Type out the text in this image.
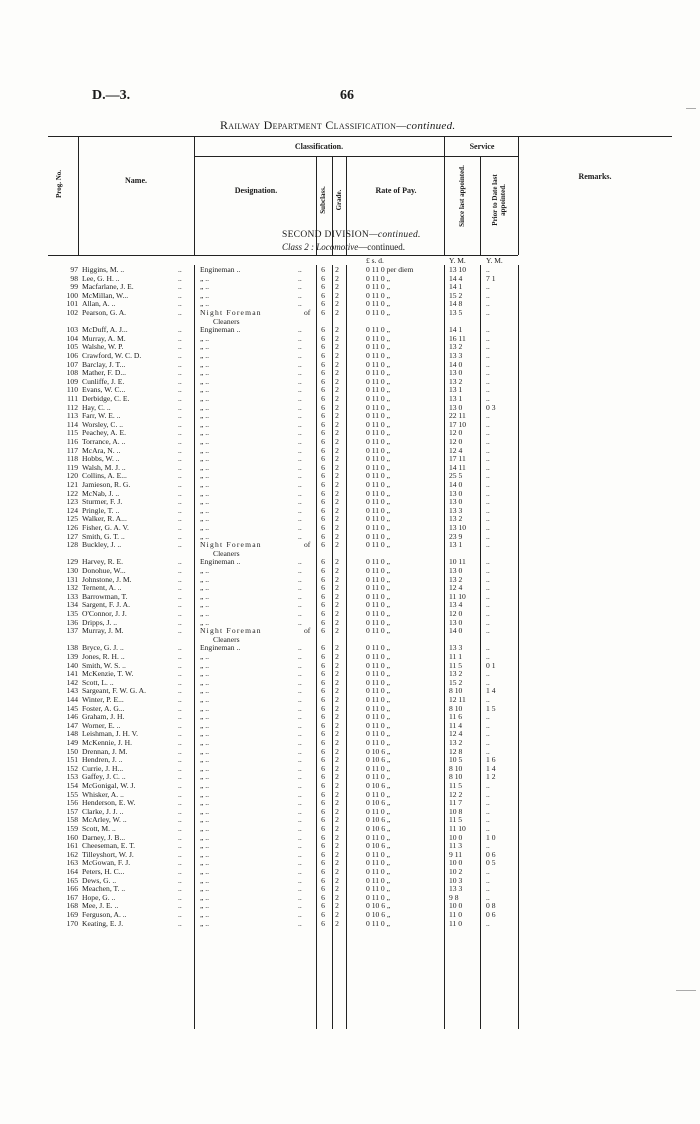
D.—3.	66
Railway Department Classification—continued.
Prog. No.	Name.
Classification.
Designation.	Subclass. Grade.	Rate of Pay.
Service
Since last appointed.	Prior to Date last appointed.
Remarks.
SECOND DIVISION—continued.
Class 2 : Locomotive—continued.
£ s. d.	Y. M.	Y. M.
97 Higgins, M. ..	.. Engineman ..	..	6	2	0 11 0 per diem	13 10	..
98 Lee, G. H. ..	.. „ ..	..	6	2	0 11 0 „	14 4	7 1
99 Macfarlane, J. E.	.. „ ..	..	6	2	0 11 0 „	14 1	..
100 McMillan, W...	.. „ ..	..	6	2	0 11 0 „	15 2	..
101 Allan, A. ..	.. „ ..	..	6	2	0 11 0 „	14 8	..
102 Pearson, G. A.	.. Night Foreman	of	6	2	0 11 0 „	13 5	..
Cleaners
103 McDuff, A. J...	.. Engineman ..	..	6	2	0 11 0 „	14 1	..
104 Murray, A. M.	.. „ ..	..	6	2	0 11 0 „	16 11	..
105 Walshe, W. P.	.. „ ..	..	6	2	0 11 0 „	13 2	..
106 Crawford, W. C. D.	.. „ ..	..	6	2	0 11 0 „	13 3	..
107 Barclay, J. T...	.. „ ..	..	6	2	0 11 0 „	14 0	..
108 Mather, F. D...	.. „ ..	..	6	2	0 11 0 „	13 0	..
109 Cunliffe, J. E.	.. „ ..	..	6	2	0 11 0 „	13 2	..
110 Evans, W. C...	.. „ ..	..	6	2	0 11 0 „	13 1	..
111 Derbidge, C. E.	.. „ ..	..	6	2	0 11 0 „	13 1	..
112 Hay, C. ..	.. „ ..	..	6	2	0 11 0 „	13 0	0 3
113 Farr, W. E. ..	.. „ ..	..	6	2	0 11 0 „	22 11	..
114 Worsley, C. ..	.. „ ..	..	6	2	0 11 0 „	17 10	..
115 Peachey, A. E.	.. „ ..	..	6	2	0 11 0 „	12 0	..
116 Torrance, A. ..	.. „ ..	..	6	2	0 11 0 „	12 0	..
117 McAra, N. ..	.. „ ..	..	6	2	0 11 0 „	12 4	..
118 Hobbs, W. ..	.. „ ..	..	6	2	0 11 0 „	17 11	..
119 Walsh, M. J. ..	.. „ ..	..	6	2	0 11 0 „	14 11	..
120 Collins, A. E...	.. „ ..	..	6	2	0 11 0 „	25 5	..
121 Jamieson, R. G.	.. „ ..	..	6	2	0 11 0 „	14 0	..
122 McNab, J. ..	.. „ ..	..	6	2	0 11 0 „	13 0	..
123 Sturmer, F. J.	.. „ ..	..	6	2	0 11 0 „	13 0	..
124 Pringle, T. ..	.. „ ..	..	6	2	0 11 0 „	13 3	..
125 Walker, R. A...	.. „ ..	..	6	2	0 11 0 „	13 2	..
126 Fisher, G. A. V.	.. „ ..	..	6	2	0 11 0 „	13 10	..
127 Smith, G. T. ..	.. „ ..	..	6	2	0 11 0 „	23 9	..
128 Buckley, J. ..	.. Night Foreman	of	6	2	0 11 0 „	13 1	..
Cleaners
129 Harvey, R. E.	.. Engineman ..	..	6	2	0 11 0 „	10 11	..
130 Donohue, W...	.. „ ..	..	6	2	0 11 0 „	13 0	..
131 Johnstone, J. M.	.. „ ..	..	6	2	0 11 0 „	13 2	..
132 Ternent, A. ..	.. „ ..	..	6	2	0 11 0 „	12 4	..
133 Barrowman, T.	.. „ ..	..	6	2	0 11 0 „	11 10	..
134 Sargent, F. J. A.	.. „ ..	..	6	2	0 11 0 „	13 4	..
135 O'Connor, J. J.	.. „ ..	..	6	2	0 11 0 „	12 0	..
136 Dripps, J. ..	.. „ ..	..	6	2	0 11 0 „	13 0	..
137 Murray, J. M.	.. Night Foreman	of	6	2	0 11 0 „	14 0	..
Cleaners
138 Bryce, G. J. ..	.. Engineman ..	..	6	2	0 11 0 „	13 3	..
139 Jones, R. H. ..	.. „ ..	..	6	2	0 11 0 „	11 1	..
140 Smith, W. S. ..	.. „ ..	..	6	2	0 11 0 „	11 5	0 1
141 McKenzie, T. W.	.. „ ..	..	6	2	0 11 0 „	13 2	..
142 Scott, L. ..	.. „ ..	..	6	2	0 11 0 „	15 2	..
143 Sargeant, F. W. G. A.	.. „ ..	..	6	2	0 11 0 „	8 10	1 4
144 Winter, P. E...	.. „ ..	..	6	2	0 11 0 „	12 11	..
145 Foster, A. G...	.. „ ..	..	6	2	0 11 0 „	8 10	1 5
146 Graham, J. H.	.. „ ..	..	6	2	0 11 0 „	11 6	..
147 Worner, E. ..	.. „ ..	..	6	2	0 11 0 „	11 4	..
148 Leishman, J. H. V.	.. „ ..	..	6	2	0 11 0 „	12 4	..
149 McKennie, J. H.	.. „ ..	..	6	2	0 11 0 „	13 2	..
150 Drennan, J. M.	.. „ ..	..	6	2	0 10 6 „	12 8	..
151 Hendren, J. ..	.. „ ..	..	6	2	0 10 6 „	10 5	1 6
152 Currie, J. H...	.. „ ..	..	6	2	0 11 0 „	8 10	1 4
153 Gaffey, J. C. ..	.. „ ..	..	6	2	0 11 0 „	8 10	1 2
154 McGonigal, W. J.	.. „ ..	..	6	2	0 10 6 „	11 5	..
155 Whisker, A. ..	.. „ ..	..	6	2	0 11 0 „	12 2	..
156 Henderson, E. W.	.. „ ..	..	6	2	0 10 6 „	11 7	..
157 Clarke, J. J. ..	.. „ ..	..	6	2	0 11 0 „	10 8	..
158 McArley, W. ..	.. „ ..	..	6	2	0 10 6 „	11 5	..
159 Scott, M. ..	.. „ ..	..	6	2	0 10 6 „	11 10	..
160 Darney, J. B...	.. „ ..	..	6	2	0 11 0 „	10 0	1 0
161 Cheeseman, E. T.	.. „ ..	..	6	2	0 10 6 „	11 3	..
162 Tilleyshort, W. J.	.. „ ..	..	6	2	0 11 0 „	9 11	0 6
163 McGowan, F. J.	.. „ ..	..	6	2	0 11 0 „	10 0	0 5
164 Peters, H. C...	.. „ ..	..	6	2	0 11 0 „	10 2	..
165 Dews, G. ..	.. „ ..	..	6	2	0 11 0 „	10 3	..
166 Meachen, T. ..	.. „ ..	..	6	2	0 11 0 „	13 3	..
167 Hope, G. ..	.. „ ..	..	6	2	0 11 0 „	9 8	..
168 Mee, J. E. ..	.. „ ..	..	6	2	0 10 6 „	10 0	0 8
169 Ferguson, A. ..	.. „ ..	..	6	2	0 10 6 „	11 0	0 6
170 Keating, E. J.	.. „ ..	..	6	2	0 11 0 „	11 0	..
